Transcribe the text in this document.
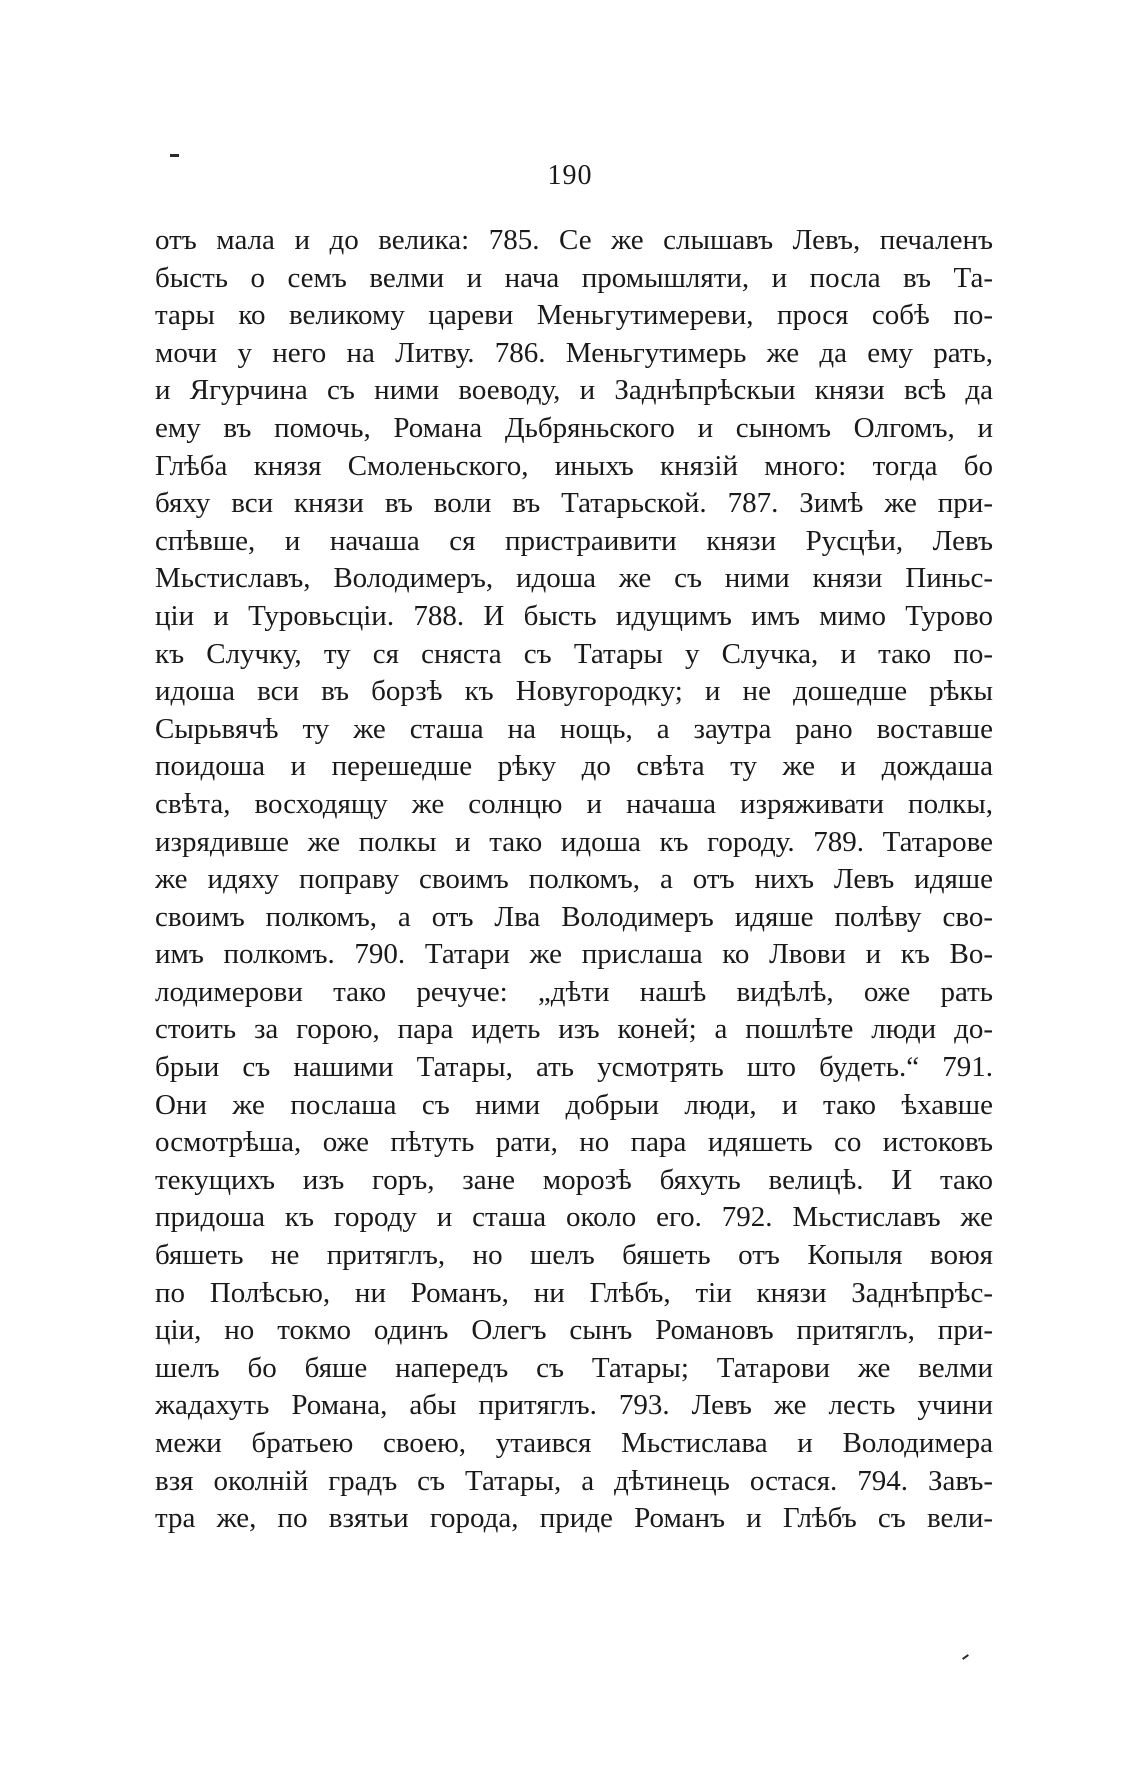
190
отъ мала и до велика: 785. Се же слышавъ Левъ, печаленъ
бысть о семъ велми и нача промышляти, и посла въ Та-
тары ко великому цареви Меньгутимереви, прося собѣ по-
мочи у него на Литву. 786. Меньгутимерь же да ему рать,
и Ягурчина съ ними воеводу, и Заднѣпрѣскыи князи всѣ да
ему въ помочь, Романа Дьбряньского и сыномъ Олгомъ, и
Глѣба князя Смоленьского, иныхъ князій много: тогда бо
бяху вси князи въ воли въ Татарьской. 787. Зимѣ же при-
спѣвше, и начаша ся пристраивити князи Русцѣи, Левъ
Мьстиславъ, Володимеръ, идоша же съ ними князи Пиньс-
ціи и Туровьсціи. 788. И бысть идущимъ имъ мимо Турово
къ Случку, ту ся сняста съ Татары у Случка, и тако по-
идоша вси въ борзѣ къ Новугородку; и не дошедше рѣкы
Сырьвячѣ ту же сташа на нощь, а заутра рано воставше
поидоша и перешедше рѣку до свѣта ту же и дождаша
свѣта, восходящу же солнцю и начаша изряживати полкы,
изрядивше же полкы и тако идоша къ городу. 789. Татарове
же идяху поправу своимъ полкомъ, а отъ нихъ Левъ идяше
своимъ полкомъ, а отъ Лва Володимеръ идяше полѣву сво-
имъ полкомъ. 790. Татари же прислаша ко Лвови и къ Во-
лодимерови тако речуче: „дѣти нашѣ видѣлѣ, оже рать
стоить за горою, пара идеть изъ коней; а пошлѣте люди до-
брыи съ нашими Татары, ать усмотрять што будеть.“ 791.
Они же послаша съ ними добрыи люди, и тако ѣхавше
осмотрѣша, оже пѣтуть рати, но пара идяшеть со истоковъ
текущихъ изъ горъ, зане морозѣ бяхуть велицѣ. И тако
придоша къ городу и сташа около его. 792. Мьстиславъ же
бяшеть не притяглъ, но шелъ бяшеть отъ Копыля воюя
по Полѣсью, ни Романъ, ни Глѣбъ, тіи князи Заднѣпрѣс-
ціи, но токмо одинъ Олегъ сынъ Романовъ притяглъ, при-
шелъ бо бяше напередъ съ Татары; Татарови же велми
жадахуть Романа, абы притяглъ. 793. Левъ же лесть учини
межи братьею своею, утаився Мьстислава и Володимера
взя околній градъ съ Татары, а дѣтинець остася. 794. Завъ-
тра же, по взятьи города, приде Романъ и Глѣбъ съ вели-
